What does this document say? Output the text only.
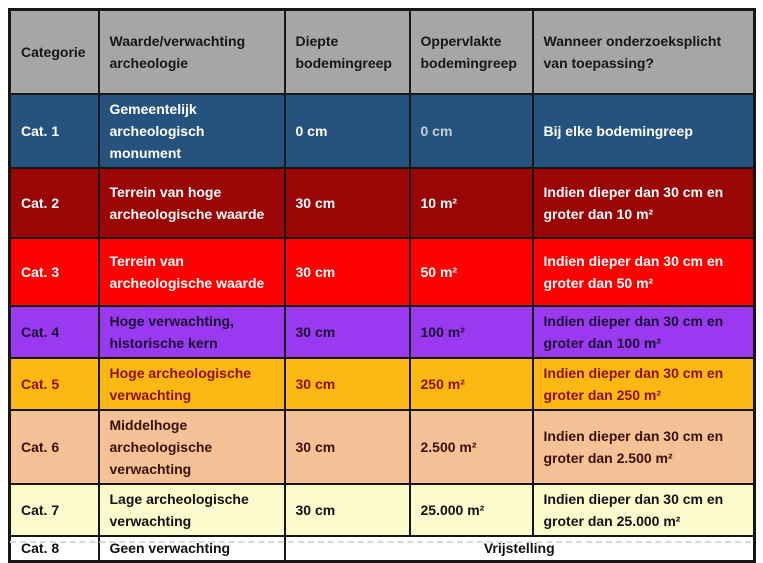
Categorie	Waarde/verwachting archeologie	Diepte bodemingreep	Oppervlakte bodemingreep	Wanneer onderzoeksplicht van toepassing?
Cat. 1	Gemeentelijk archeologisch monument	0 cm	0 cm	Bij elke bodemingreep
Cat. 2	Terrein van hoge archeologische waarde	30 cm	10 m²	Indien dieper dan 30 cm en groter dan 10 m²
Cat. 3	Terrein van archeologische waarde	30 cm	50 m²	Indien dieper dan 30 cm en groter dan 50 m²
Cat. 4	Hoge verwachting, historische kern	30 cm	100 m²	Indien dieper dan 30 cm en groter dan 100 m²
Cat. 5	Hoge archeologische verwachting	30 cm	250 m²	Indien dieper dan 30 cm en groter dan 250 m²
Cat. 6	Middelhoge archeologische verwachting	30 cm	2.500 m²	Indien dieper dan 30 cm en groter dan 2.500 m²
Cat. 7	Lage archeologische verwachting	30 cm	25.000 m²	Indien dieper dan 30 cm en groter dan 25.000 m²
Cat. 8	Geen verwachting	Vrijstelling		
